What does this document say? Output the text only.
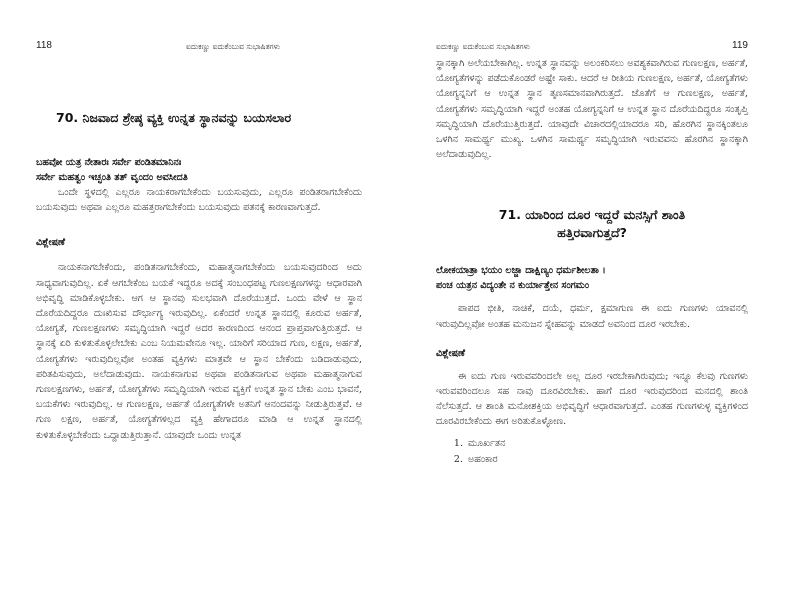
118	ಐದುಕಣ್ಣು ಐದುಕೆಂಬುವ ಸುಭಾಷಿತಗಳು
70. ನಿಜವಾದ ಶ್ರೇಷ್ಠ ವ್ಯಕ್ತಿ ಉನ್ನತ ಸ್ಥಾನವನ್ನು ಬಯಸಲಾರ
ಬಹವೋ ಯತ್ರ ನೇತಾರಃ ಸರ್ವೇ ಪಂಡಿತಮಾನಿನಃ
ಸರ್ವೇ ಮಹತ್ವಂ ಇಚ್ಛಂತಿ ತತ್ ವೃಂದಂ ಅವಸೀದತಿ

ಒಂದೇ ಸ್ಥಳದಲ್ಲಿ ಎಲ್ಲರೂ ನಾಯಕರಾಗಬೇಕೆಂದು ಬಯಸುವುದು, ಎಲ್ಲರೂ ಪಂಡಿತರಾಗಬೇಕೆಂದು ಬಯಸುವುದು ಅಥವಾ ಎಲ್ಲರೂ ಮಹತ್ತರಾಗಬೇಕೆಂದು ಬಯಸುವುದು ಪತನಕ್ಕೆ ಕಾರಣವಾಗುತ್ತದೆ.

ವಿಶ್ಲೇಷಣೆ

ನಾಯಕನಾಗಬೇಕೆಂದು, ಪಂಡಿತನಾಗಬೇಕೆಂದು, ಮಹಾತ್ಮನಾಗಬೇಕೆಂದು ಬಯಸುವುದರಿಂದ ಅದು ಸಾಧ್ಯವಾಗುವುದಿಲ್ಲ. ಏಕೆ ಆಗಬೇಕೆಂಬ ಬಯಕೆ ಇದ್ದರೂ ಅದಕ್ಕೆ ಸಂಬಂಧಪಟ್ಟ ಗುಣಲಕ್ಷಣಗಳನ್ನು ಆಧಾರವಾಗಿ ಅಭಿವೃದ್ಧಿ ಮಾಡಿಕೊಳ್ಳಬೇಕು. ಆಗ ಆ ಸ್ಥಾನವು ಸುಲಭವಾಗಿ ದೊರೆಯುತ್ತದೆ. ಒಂದು ವೇಳೆ ಆ ಸ್ಥಾನ ದೊರೆಯದಿದ್ದರೂ ದುಃಖಿಸುವ ದೌರ್ಭಾಗ್ಯ ಇರುವುದಿಲ್ಲ. ಏಕೆಂದರೆ ಉನ್ನತ ಸ್ಥಾನದಲ್ಲಿ ಕೂರುವ ಅರ್ಹತೆ, ಯೋಗ್ಯತೆ, ಗುಣಲಕ್ಷಣಗಳು ಸಮೃದ್ಧಿಯಾಗಿ ಇದ್ದರೆ ಅದರ ಕಾರಣದಿಂದ ಆನಂದ ಪ್ರಾಪ್ತವಾಗುತ್ತಿರುತ್ತದೆ. ಆ ಸ್ಥಾನಕ್ಕೆ ಏರಿ ಕುಳಿತುಕೊಳ್ಳಲೇಬೇಕು ಎಂಬ ನಿಯಮವೇನೂ ಇಲ್ಲ. ಯಾರಿಗೆ ಸರಿಯಾದ ಗುಣ, ಲಕ್ಷಣ, ಅರ್ಹತೆ, ಯೋಗ್ಯತೆಗಳು ಇರುವುದಿಲ್ಲವೋ ಅಂತಹ ವ್ಯಕ್ತಿಗಳು ಮಾತ್ರವೇ ಆ ಸ್ಥಾನ ಬೇಕೆಂದು ಬಡಿದಾಡುವುದು, ಪರಿತಪಿಸುವುದು, ಅಲೆದಾಡುವುದು. ನಾಯಕನಾಗುವ ಅಥವಾ ಪಂಡಿತನಾಗುವ ಅಥವಾ ಮಹಾತ್ಮನಾಗುವ ಗುಣಲಕ್ಷಣಗಳು, ಅರ್ಹತೆ, ಯೋಗ್ಯತೆಗಳು ಸಮೃದ್ಧಿಯಾಗಿ ಇರುವ ವ್ಯಕ್ತಿಗೆ ಉನ್ನತ ಸ್ಥಾನ ಬೇಕು ಎಂಬ ಭಾವನೆ, ಬಯಕೆಗಳು ಇರುವುದಿಲ್ಲ. ಆ ಗುಣಲಕ್ಷಣ, ಅರ್ಹತೆ ಯೋಗ್ಯತೆಗಳೇ ಅತನಿಗೆ ಆನಂದವನ್ನು ನೀಡುತ್ತಿರುತ್ತವೆ. ಆ ಗುಣ ಲಕ್ಷಣ, ಅರ್ಹತೆ, ಯೋಗ್ಯತೆಗಳಿಲ್ಲದ ವ್ಯಕ್ತಿ ಹೇಗಾದರೂ ಮಾಡಿ ಆ ಉನ್ನತ ಸ್ಥಾನದಲ್ಲಿ ಕುಳಿತುಕೊಳ್ಳಬೇಕೆಂದು ಒದ್ದಾಡುತ್ತಿರುತ್ತಾನೆ. ಯಾವುದೇ ಒಂದು ಉನ್ನತ

ಐದುಕಣ್ಣು ಐದುಕೆಂಬುವ ಸುಭಾಷಿತಗಳು	119

ಸ್ಥಾನಕ್ಕಾಗಿ ಅಲೆಯಬೇಕಾಗಿಲ್ಲ. ಉನ್ನತ ಸ್ಥಾನವನ್ನು ಅಲಂಕರಿಸಲು ಅವಶ್ಯಕವಾಗಿರುವ ಗುಣಲಕ್ಷಣ, ಅರ್ಹತೆ, ಯೋಗ್ಯತೆಗಳನ್ನು ಪಡೆದುಕೊಂಡರೆ ಅಷ್ಟೇ ಸಾಕು. ಆದರೆ ಆ ರೀತಿಯ ಗುಣಲಕ್ಷಣ, ಅರ್ಹತೆ, ಯೋಗ್ಯತೆಗಳು ಯೋಗ್ಯನ್ನನಿಗೆ ಆ ಉನ್ನತ ಸ್ಥಾನ ತೃಣಸಮಾನವಾಗಿರುತ್ತದೆ. ಜೊತೆಗೆ ಆ ಗುಣಲಕ್ಷಣ, ಅರ್ಹತೆ, ಯೋಗ್ಯತೆಗಳು ಸಮೃದ್ಧಿಯಾಗಿ ಇದ್ದರೆ ಅಂತಹ ಯೋಗ್ಯನ್ನನಿಗೆ ಆ ಉನ್ನತ ಸ್ಥಾನ ದೊರೆಯದಿದ್ದರೂ ಸಂತೃಪ್ತಿ ಸಮೃದ್ಧಿಯಾಗಿ ದೊರೆಯುತ್ತಿರುತ್ತದೆ. ಯಾವುದೇ ವಿಚಾರದಲ್ಲಿಯಾದರೂ ಸರಿ, ಹೊರಗಿನ ಸ್ಥಾನಕ್ಕಿಂತಲೂ ಒಳಗಿನ ಸಾಮರ್ಥ್ಯ ಮುಖ್ಯ. ಒಳಗಿನ ಸಾಮರ್ಥ್ಯ ಸಮೃದ್ಧಿಯಾಗಿ ಇರುವವನು ಹೊರಗಿನ ಸ್ಥಾನಕ್ಕಾಗಿ ಅಲೆದಾಡುವುದಿಲ್ಲ.

71. ಯಾರಿಂದ ದೂರ ಇದ್ದರೆ ಮನಸ್ಸಿಗೆ ಶಾಂತಿ
ಹತ್ತಿರವಾಗುತ್ತದೆ?
ಲೋಕಯಾತ್ರಾ ಭಯಂ ಲಜ್ಜಾ ದಾಕ್ಷಿಣ್ಯಂ ಧರ್ಮಶೀಲತಾ ।
ಪಂಚ ಯತ್ರನ ವಿದ್ಯಂತೇ ನ ಕುರ್ಯಾತ್ತೇನ ಸಂಗಮಂ

ಪಾಪದ ಭೀತಿ, ನಾಚಿಕೆ, ದಯೆ, ಧರ್ಮ, ಕ್ಷಮಾಗುಣ ಈ ಐದು ಗುಣಗಳು ಯಾವನಲ್ಲಿ ಇರುವುದಿಲ್ಲವೋ ಅಂತಹ ಮನುಜನ ಸ್ನೇಹವನ್ನು ಮಾಡದೆ ಅವನಿಂದ ದೂರ ಇರಬೇಕು.

ವಿಶ್ಲೇಷಣೆ

ಈ ಐದು ಗುಣ ಇರುವವರಿಂದಲೇ ಅಲ್ಲ ದೂರ ಇರಬೇಕಾಗಿರುವುದು; ಇನ್ನೂ ಕೆಲವು ಗುಣಗಳು ಇರುವವರಿಂದಲೂ ಸಹ ನಾವು ದೂರವಿರಬೇಕು. ಹಾಗೆ ದೂರ ಇರುವುದರಿಂದ ಮನದಲ್ಲಿ ಶಾಂತಿ ನೆಲೆಸುತ್ತದೆ. ಆ ಶಾಂತಿ ಮನೋಶಕ್ತಿಯ ಅಭಿವೃದ್ಧಿಗೆ ಆಧಾರವಾಗುತ್ತದೆ. ಎಂತಹ ಗುಣಗಳುಳ್ಳ ವ್ಯಕ್ತಿಗಳಿಂದ ದೂರವಿರಬೇಕೆಂದು ಈಗ ಅರಿತುಕೊಳ್ಳೋಣ.

1. ಮೂರ್ಖತನ
2. ಅಹಂಕಾರ
